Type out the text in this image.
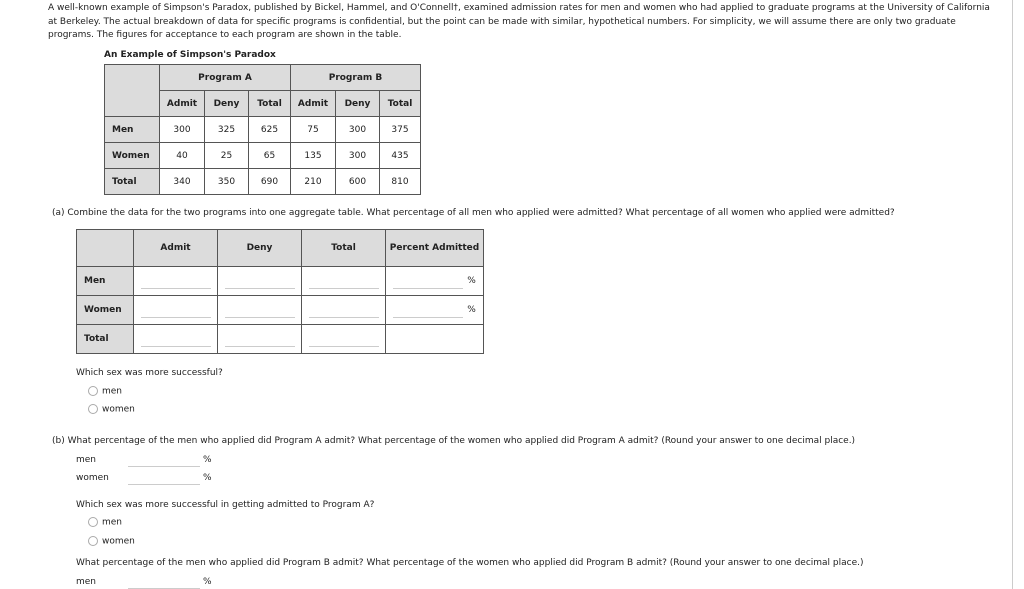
A well-known example of Simpson's Paradox, published by Bickel, Hammel, and O'Connell†, examined admission rates for men and women who had applied to graduate programs at the University of California at Berkeley. The actual breakdown of data for specific programs is confidential, but the point can be made with similar, hypothetical numbers. For simplicity, we will assume there are only two graduate programs. The figures for acceptance to each program are shown in the table.
An Example of Simpson's Paradox
	Program A			Program B		
	Admit	Deny	Total	Admit	Deny	Total
Men	300	325	625	75	300	375
Women	40	25	65	135	300	435
Total	340	350	690	210	600	810
(a) Combine the data for the two programs into one aggregate table. What percentage of all men who applied were admitted? What percentage of all women who applied were admitted?
	Admit	Deny	Total	Percent Admitted
Men				%

Women				%

Total	

Which sex was more successful?
men
women
(b) What percentage of the men who applied did Program A admit? What percentage of the women who applied did Program A admit? (Round your answer to one decimal place.)
men	%
women	%
Which sex was more successful in getting admitted to Program A?
men
women
What percentage of the men who applied did Program B admit? What percentage of the women who applied did Program B admit? (Round your answer to one decimal place.)
men	%
